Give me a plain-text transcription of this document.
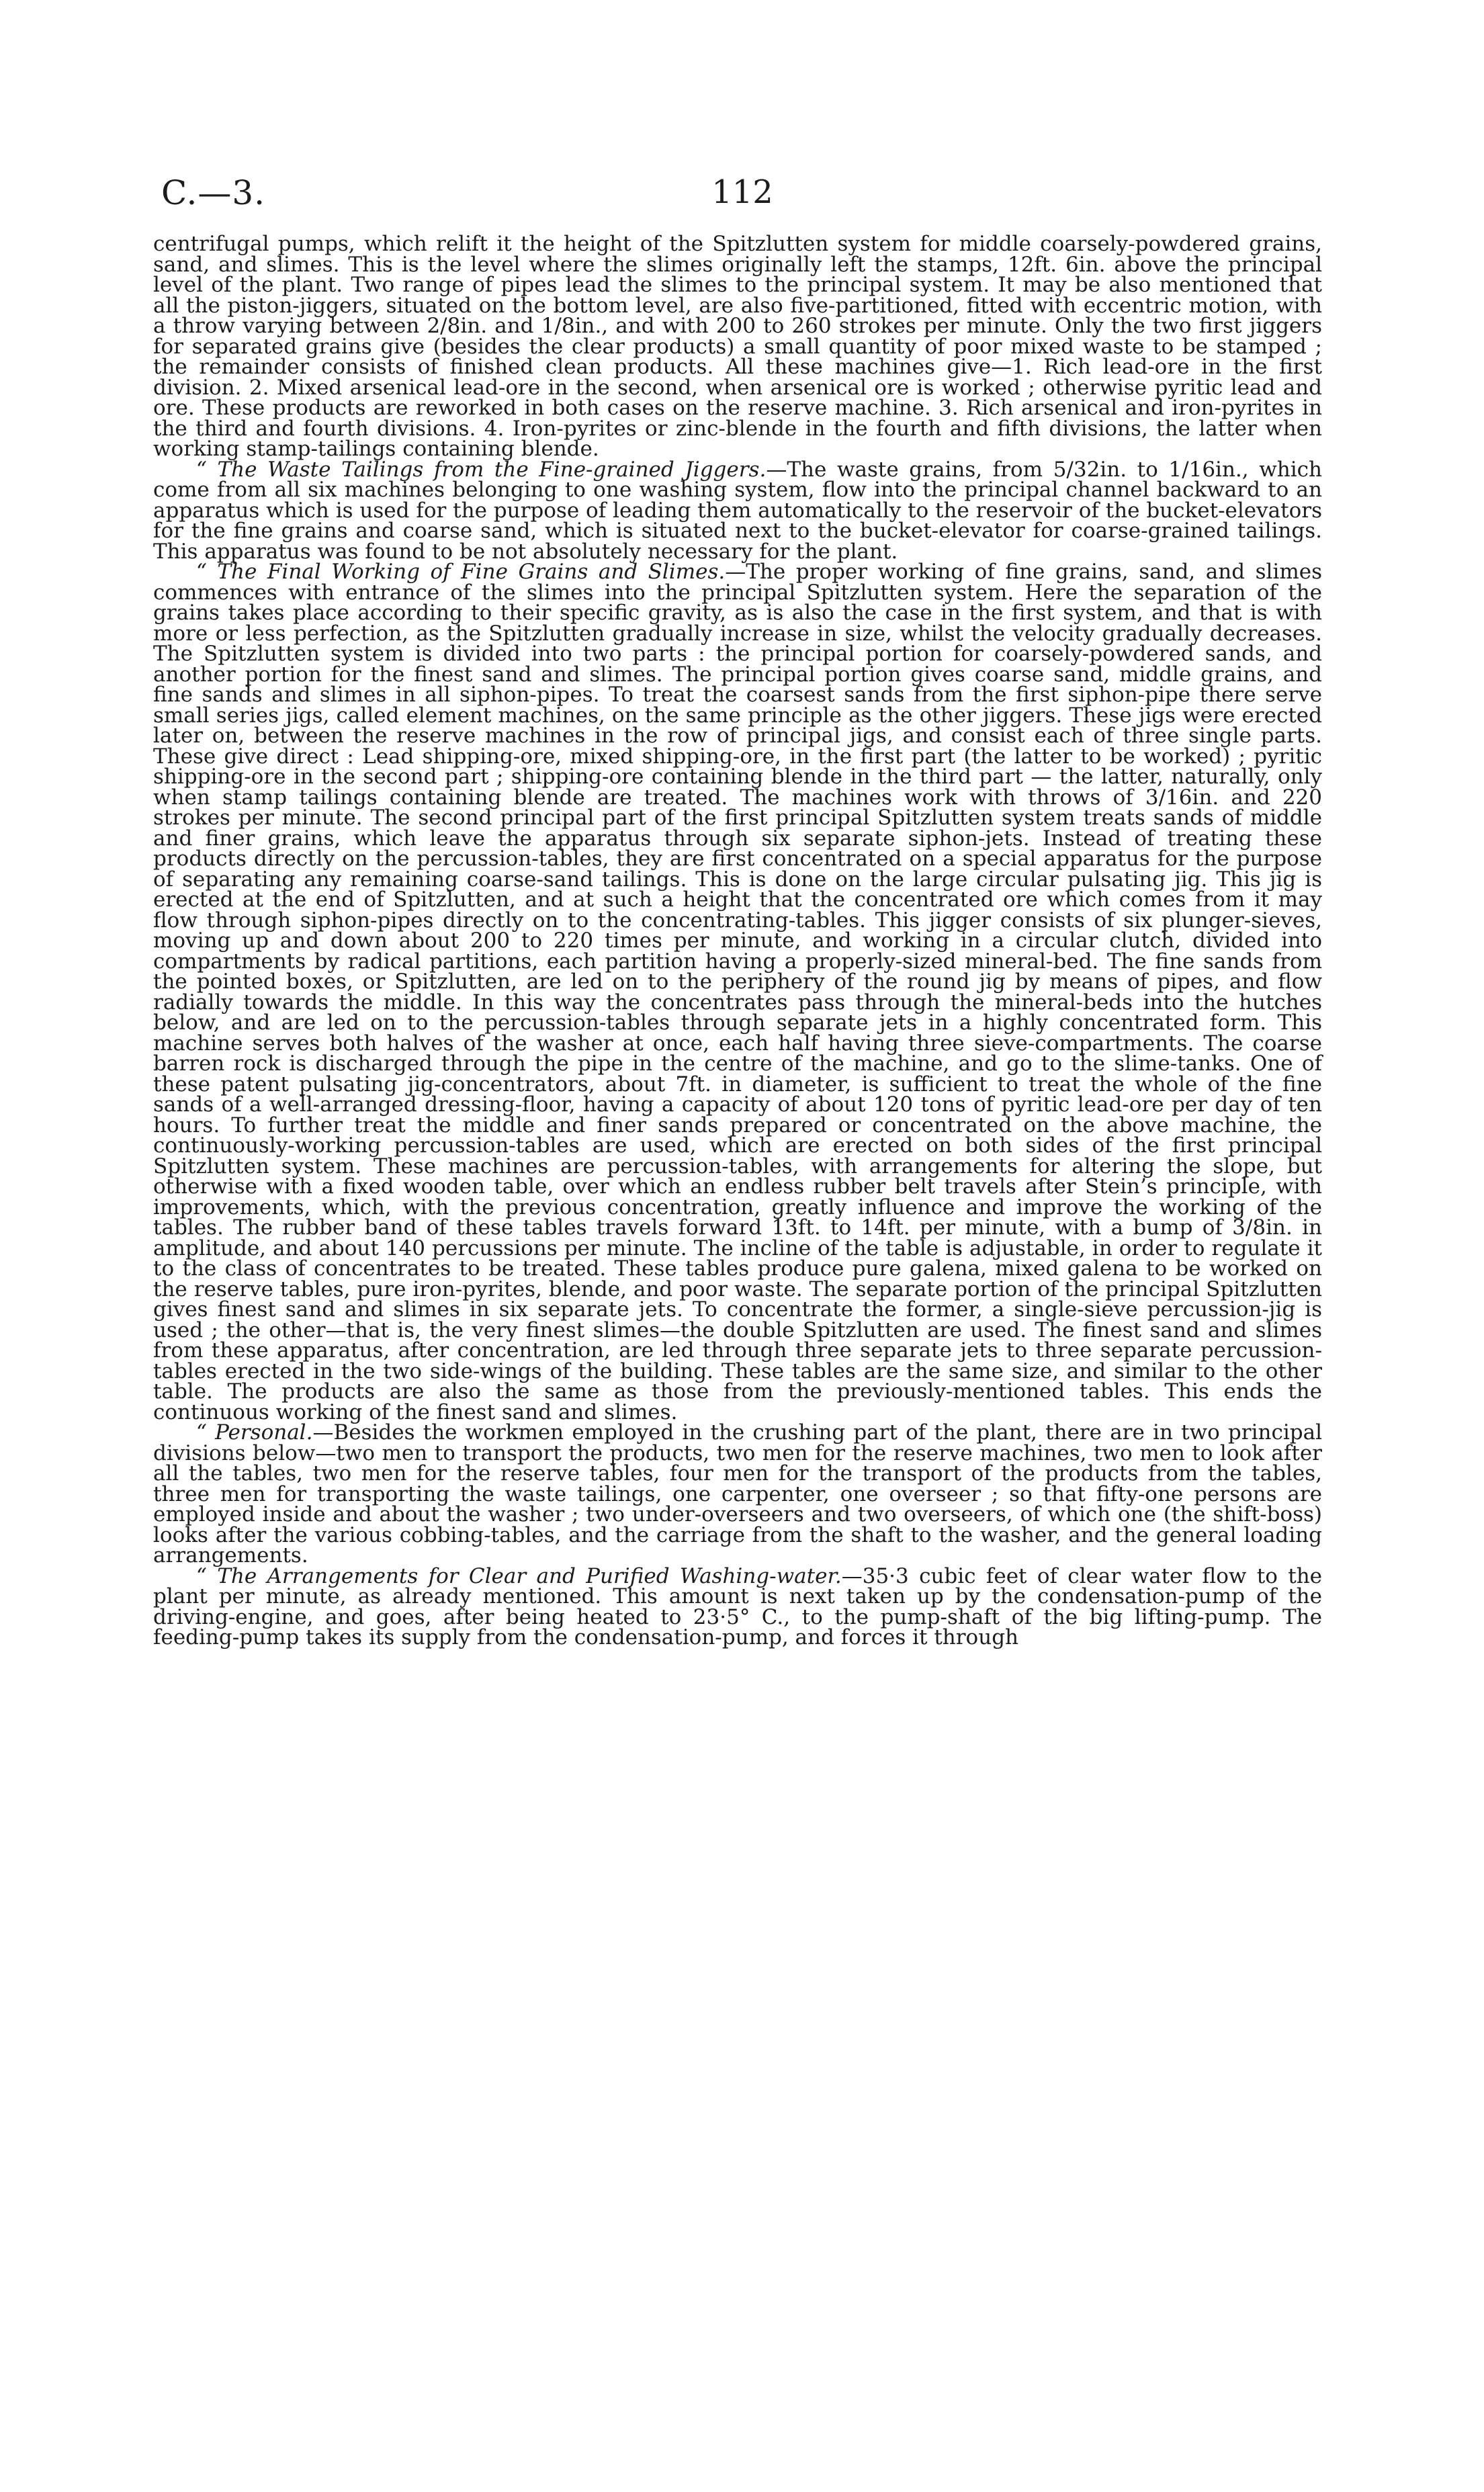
C.—3.	112

centrifugal pumps, which relift it the height of the Spitzlutten system for middle coarsely-powdered grains, sand, and slimes. This is the level where the slimes originally left the stamps, 12ft. 6in. above the principal level of the plant. Two range of pipes lead the slimes to the principal system. It may be also mentioned that all the piston-jiggers, situated on the bottom level, are also five-partitioned, fitted with eccentric motion, with a throw varying between 2/8in. and 1/8in., and with 200 to 260 strokes per minute. Only the two first jiggers for separated grains give (besides the clear products) a small quantity of poor mixed waste to be stamped ; the remainder consists of finished clean products. All these machines give—1. Rich lead-ore in the first division. 2. Mixed arsenical lead-ore in the second, when arsenical ore is worked ; otherwise pyritic lead and ore. These products are reworked in both cases on the reserve machine. 3. Rich arsenical and iron-pyrites in the third and fourth divisions. 4. Iron-pyrites or zinc-blende in the fourth and fifth divisions, the latter when working stamp-tailings containing blende.

“ The Waste Tailings from the Fine-grained Jiggers.—The waste grains, from 5/32in. to 1/16in., which come from all six machines belonging to one washing system, flow into the principal channel backward to an apparatus which is used for the purpose of leading them automatically to the reservoir of the bucket-elevators for the fine grains and coarse sand, which is situated next to the bucket-elevator for coarse-grained tailings. This apparatus was found to be not absolutely necessary for the plant.

“ The Final Working of Fine Grains and Slimes.—The proper working of fine grains, sand, and slimes commences with entrance of the slimes into the principal Spitzlutten system. Here the separation of the grains takes place according to their specific gravity, as is also the case in the first system, and that is with more or less perfection, as the Spitzlutten gradually increase in size, whilst the velocity gradually decreases. The Spitzlutten system is divided into two parts : the principal portion for coarsely-powdered sands, and another portion for the finest sand and slimes. The principal portion gives coarse sand, middle grains, and fine sands and slimes in all siphon-pipes. To treat the coarsest sands from the first siphon-pipe there serve small series jigs, called element machines, on the same principle as the other jiggers. These jigs were erected later on, between the reserve machines in the row of principal jigs, and consist each of three single parts. These give direct : Lead shipping-ore, mixed shipping-ore, in the first part (the latter to be worked) ; pyritic shipping-ore in the second part ; shipping-ore containing blende in the third part — the latter, naturally, only when stamp tailings containing blende are treated. The machines work with throws of 3/16in. and 220 strokes per minute. The second principal part of the first principal Spitzlutten system treats sands of middle and finer grains, which leave the apparatus through six separate siphon-jets. Instead of treating these products directly on the percussion-tables, they are first concentrated on a special apparatus for the purpose of separating any remaining coarse-sand tailings. This is done on the large circular pulsating jig. This jig is erected at the end of Spitzlutten, and at such a height that the concentrated ore which comes from it may flow through siphon-pipes directly on to the concentrating-tables. This jigger consists of six plunger-sieves, moving up and down about 200 to 220 times per minute, and working in a circular clutch, divided into compartments by radical partitions, each partition having a properly-sized mineral-bed. The fine sands from the pointed boxes, or Spitzlutten, are led on to the periphery of the round jig by means of pipes, and flow radially towards the middle. In this way the concentrates pass through the mineral-beds into the hutches below, and are led on to the percussion-tables through separate jets in a highly concentrated form. This machine serves both halves of the washer at once, each half having three sieve-compartments. The coarse barren rock is discharged through the pipe in the centre of the machine, and go to the slime-tanks. One of these patent pulsating jig-concentrators, about 7ft. in diameter, is sufficient to treat the whole of the fine sands of a well-arranged dressing-floor, having a capacity of about 120 tons of pyritic lead-ore per day of ten hours. To further treat the middle and finer sands prepared or concentrated on the above machine, the continuously-working percussion-tables are used, which are erected on both sides of the first principal Spitzlutten system. These machines are percussion-tables, with arrangements for altering the slope, but otherwise with a fixed wooden table, over which an endless rubber belt travels after Stein’s principle, with improvements, which, with the previous concentration, greatly influence and improve the working of the tables. The rubber band of these tables travels forward 13ft. to 14ft. per minute, with a bump of 3/8in. in amplitude, and about 140 percussions per minute. The incline of the table is adjustable, in order to regulate it to the class of concentrates to be treated. These tables produce pure galena, mixed galena to be worked on the reserve tables, pure iron-pyrites, blende, and poor waste. The separate portion of the principal Spitzlutten gives finest sand and slimes in six separate jets. To concentrate the former, a single-sieve percussion-jig is used ; the other—that is, the very finest slimes—the double Spitzlutten are used. The finest sand and slimes from these apparatus, after concentration, are led through three separate jets to three separate percussion-tables erected in the two side-wings of the building. These tables are the same size, and similar to the other table. The products are also the same as those from the previously-mentioned tables. This ends the continuous working of the finest sand and slimes.

“ Personal.—Besides the workmen employed in the crushing part of the plant, there are in two principal divisions below—two men to transport the products, two men for the reserve machines, two men to look after all the tables, two men for the reserve tables, four men for the transport of the products from the tables, three men for transporting the waste tailings, one carpenter, one overseer ; so that fifty-one persons are employed inside and about the washer ; two under-overseers and two overseers, of which one (the shift-boss) looks after the various cobbing-tables, and the carriage from the shaft to the washer, and the general loading arrangements.

“ The Arrangements for Clear and Purified Washing-water.—35·3 cubic feet of clear water flow to the plant per minute, as already mentioned. This amount is next taken up by the condensation-pump of the driving-engine, and goes, after being heated to 23·5° C., to the pump-shaft of the big lifting-pump. The feeding-pump takes its supply from the condensation-pump, and forces it through
